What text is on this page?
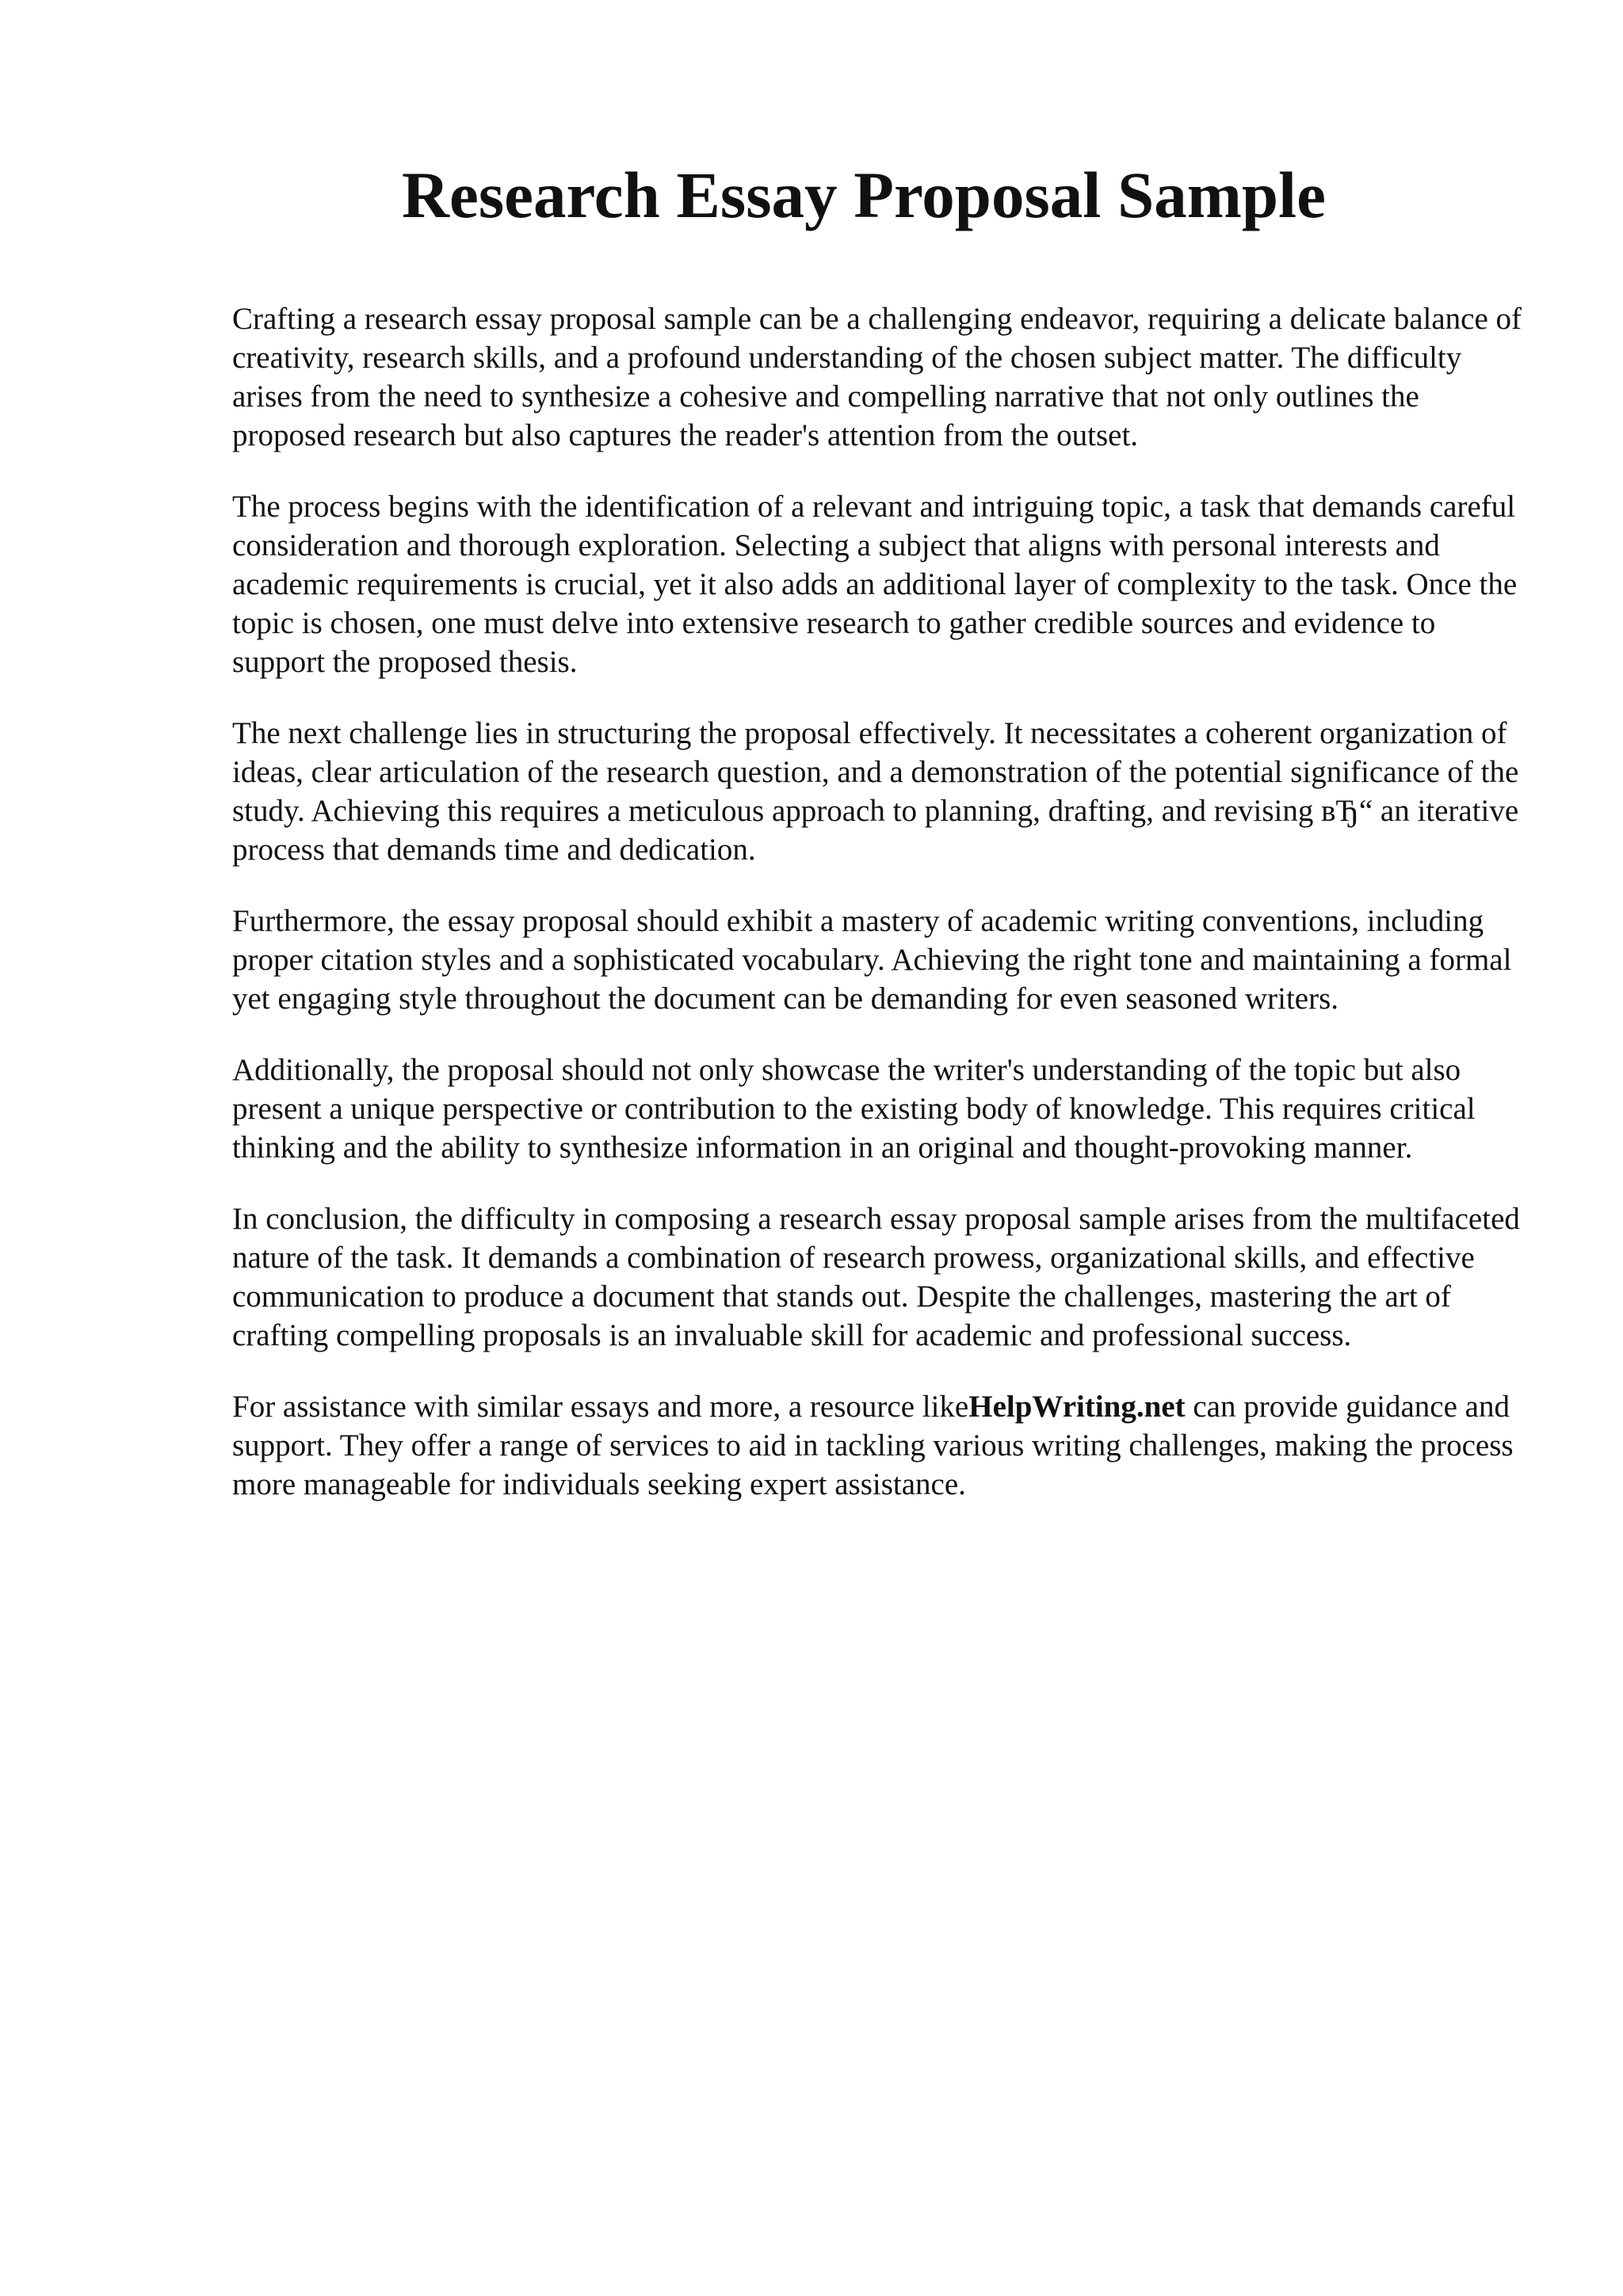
Research Essay Proposal Sample

Crafting a research essay proposal sample can be a challenging endeavor, requiring a delicate balance of creativity, research skills, and a profound understanding of the chosen subject matter. The difficulty arises from the need to synthesize a cohesive and compelling narrative that not only outlines the proposed research but also captures the reader's attention from the outset.

The process begins with the identification of a relevant and intriguing topic, a task that demands careful consideration and thorough exploration. Selecting a subject that aligns with personal interests and academic requirements is crucial, yet it also adds an additional layer of complexity to the task. Once the topic is chosen, one must delve into extensive research to gather credible sources and evidence to support the proposed thesis.

The next challenge lies in structuring the proposal effectively. It necessitates a coherent organization of ideas, clear articulation of the research question, and a demonstration of the potential significance of the study. Achieving this requires a meticulous approach to planning, drafting, and revising вЂ“ an iterative process that demands time and dedication.

Furthermore, the essay proposal should exhibit a mastery of academic writing conventions, including proper citation styles and a sophisticated vocabulary. Achieving the right tone and maintaining a formal yet engaging style throughout the document can be demanding for even seasoned writers.

Additionally, the proposal should not only showcase the writer's understanding of the topic but also present a unique perspective or contribution to the existing body of knowledge. This requires critical thinking and the ability to synthesize information in an original and thought-provoking manner.

In conclusion, the difficulty in composing a research essay proposal sample arises from the multifaceted nature of the task. It demands a combination of research prowess, organizational skills, and effective communication to produce a document that stands out. Despite the challenges, mastering the art of crafting compelling proposals is an invaluable skill for academic and professional success.

For assistance with similar essays and more, a resource likeHelpWriting.net can provide guidance and support. They offer a range of services to aid in tackling various writing challenges, making the process more manageable for individuals seeking expert assistance.
